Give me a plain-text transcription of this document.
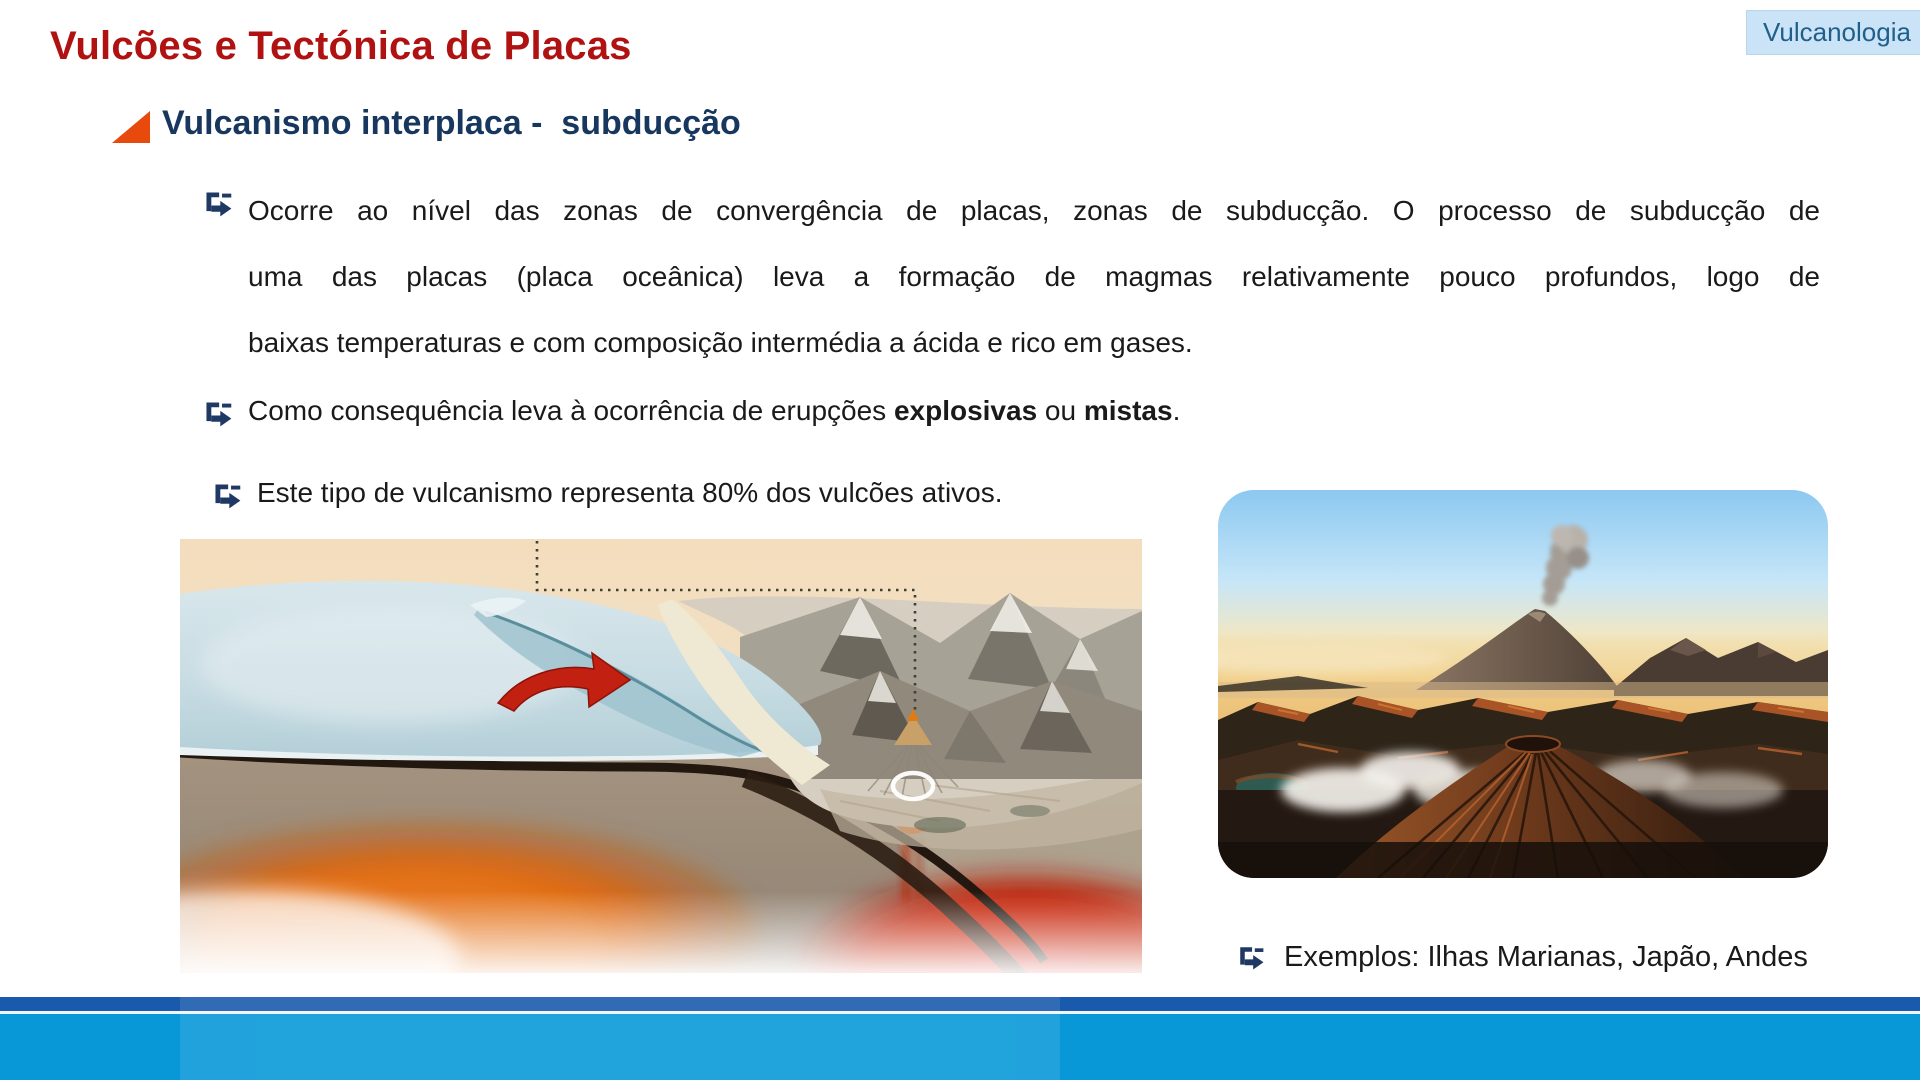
Vulcões e Tectónica de Placas	Vulcanologia
Vulcanismo interplaca -  subducção
Ocorre ao nível das zonas de convergência de placas, zonas de subducção. O processo de subducção de
uma das placas (placa oceânica) leva a formação de magmas relativamente pouco profundos, logo de
baixas temperaturas e com composição intermédia a ácida e rico em gases.
Como consequência leva à ocorrência de erupções explosivas ou mistas.
Este tipo de vulcanismo representa 80% dos vulcões ativos.
Exemplos: Ilhas Marianas, Japão, Andes
